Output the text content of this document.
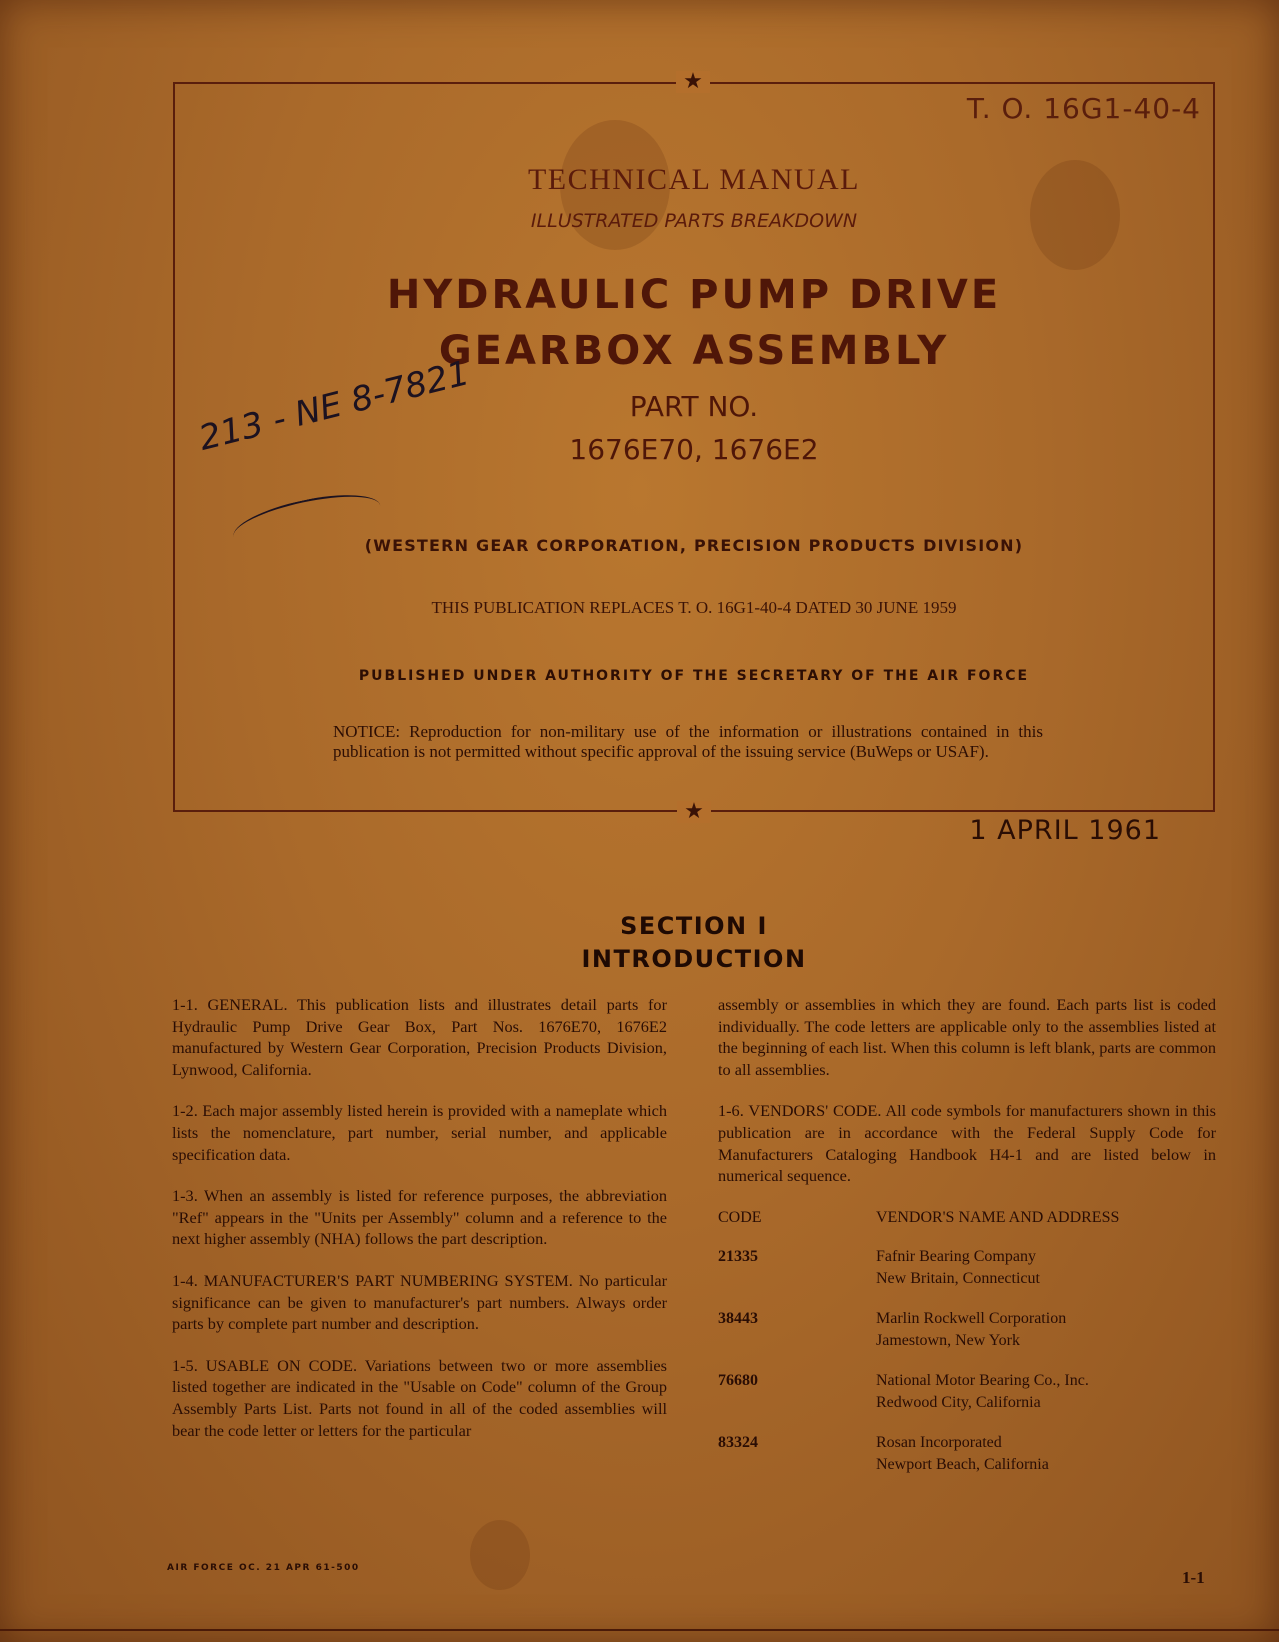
★
★
T. O. 16G1-40-4
TECHNICAL MANUAL
ILLUSTRATED PARTS BREAKDOWN
HYDRAULIC PUMP DRIVE
GEARBOX ASSEMBLY
PART NO.
1676E70, 1676E2
213 - NE 8-7821
(WESTERN GEAR CORPORATION, PRECISION PRODUCTS DIVISION)
THIS PUBLICATION REPLACES T. O. 16G1-40-4 DATED 30 JUNE 1959
PUBLISHED UNDER AUTHORITY OF THE SECRETARY OF THE AIR FORCE
NOTICE: Reproduction for non-military use of the information or illustrations contained in this publication is not permitted without specific approval of the issuing service (BuWeps or USAF).
1 APRIL 1961
SECTION I
INTRODUCTION

1-1. GENERAL. This publication lists and illustrates detail parts for Hydraulic Pump Drive Gear Box, Part Nos. 1676E70, 1676E2 manufactured by Western Gear Corporation, Precision Products Division, Lynwood, California.

1-2. Each major assembly listed herein is provided with a nameplate which lists the nomenclature, part number, serial number, and applicable specification data.

1-3. When an assembly is listed for reference purposes, the abbreviation "Ref" appears in the "Units per Assembly" column and a reference to the next higher assembly (NHA) follows the part description.

1-4. MANUFACTURER'S PART NUMBERING SYSTEM. No particular significance can be given to manufacturer's part numbers. Always order parts by complete part number and description.

1-5. USABLE ON CODE. Variations between two or more assemblies listed together are indicated in the "Usable on Code" column of the Group Assembly Parts List. Parts not found in all of the coded assemblies will bear the code letter or letters for the particular

assembly or assemblies in which they are found. Each parts list is coded individually. The code letters are applicable only to the assemblies listed at the beginning of each list. When this column is left blank, parts are common to all assemblies.

1-6. VENDORS' CODE. All code symbols for manufacturers shown in this publication are in accordance with the Federal Supply Code for Manufacturers Cataloging Handbook H4-1 and are listed below in numerical sequence.

CODE	VENDOR'S NAME AND ADDRESS
21335	Fafnir Bearing Company
New Britain, Connecticut
38443	Marlin Rockwell Corporation
Jamestown, New York
76680	National Motor Bearing Co., Inc.
Redwood City, California
83324	Rosan Incorporated
Newport Beach, California
AIR FORCE OC. 21 APR 61-500	1-1
